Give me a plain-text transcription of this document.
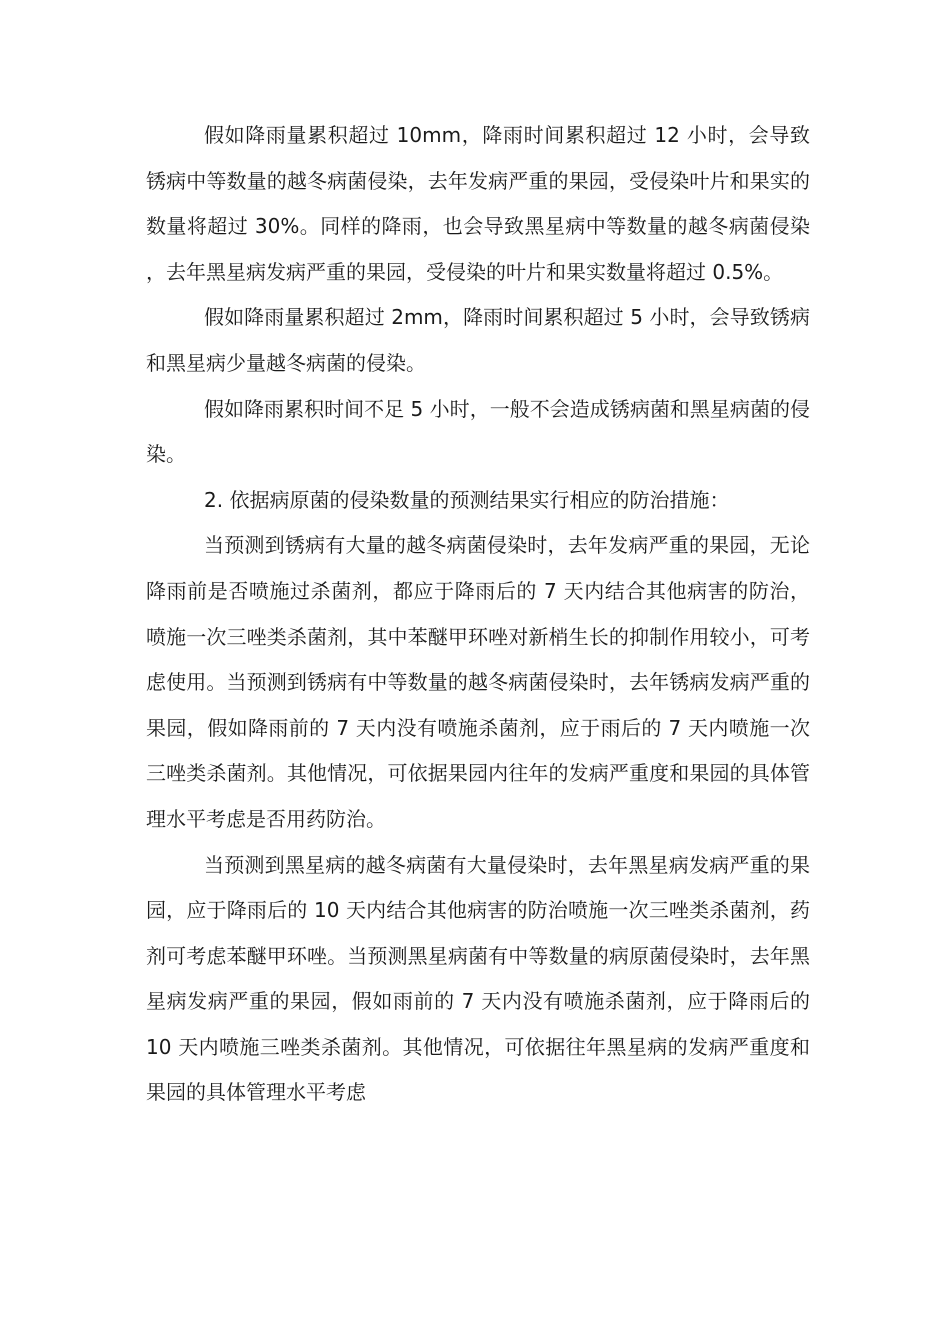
假如降雨量累积超过 10mm，降雨时间累积超过 12 小时，会导致锈病中等数量的越冬病菌侵染，去年发病严重的果园，受侵染叶片和果实的数量将超过 30%。同样的降雨，也会导致黑星病中等数量的越冬病菌侵染，去年黑星病发病严重的果园，受侵染的叶片和果实数量将超过 0.5%。

假如降雨量累积超过 2mm，降雨时间累积超过 5 小时，会导致锈病和黑星病少量越冬病菌的侵染。

假如降雨累积时间不足 5 小时，一般不会造成锈病菌和黑星病菌的侵染。

2. 依据病原菌的侵染数量的预测结果实行相应的防治措施：

当预测到锈病有大量的越冬病菌侵染时，去年发病严重的果园，无论降雨前是否喷施过杀菌剂，都应于降雨后的 7 天内结合其他病害的防治，喷施一次三唑类杀菌剂，其中苯醚甲环唑对新梢生长的抑制作用较小，可考虑使用。当预测到锈病有中等数量的越冬病菌侵染时，去年锈病发病严重的果园，假如降雨前的 7 天内没有喷施杀菌剂，应于雨后的 7 天内喷施一次三唑类杀菌剂。其他情况，可依据果园内往年的发病严重度和果园的具体管理水平考虑是否用药防治。

当预测到黑星病的越冬病菌有大量侵染时，去年黑星病发病严重的果园，应于降雨后的 10 天内结合其他病害的防治喷施一次三唑类杀菌剂，药剂可考虑苯醚甲环唑。当预测黑星病菌有中等数量的病原菌侵染时，去年黑星病发病严重的果园，假如雨前的 7 天内没有喷施杀菌剂，应于降雨后的 10 天内喷施三唑类杀菌剂。其他情况，可依据往年黑星病的发病严重度和果园的具体管理水平考虑
